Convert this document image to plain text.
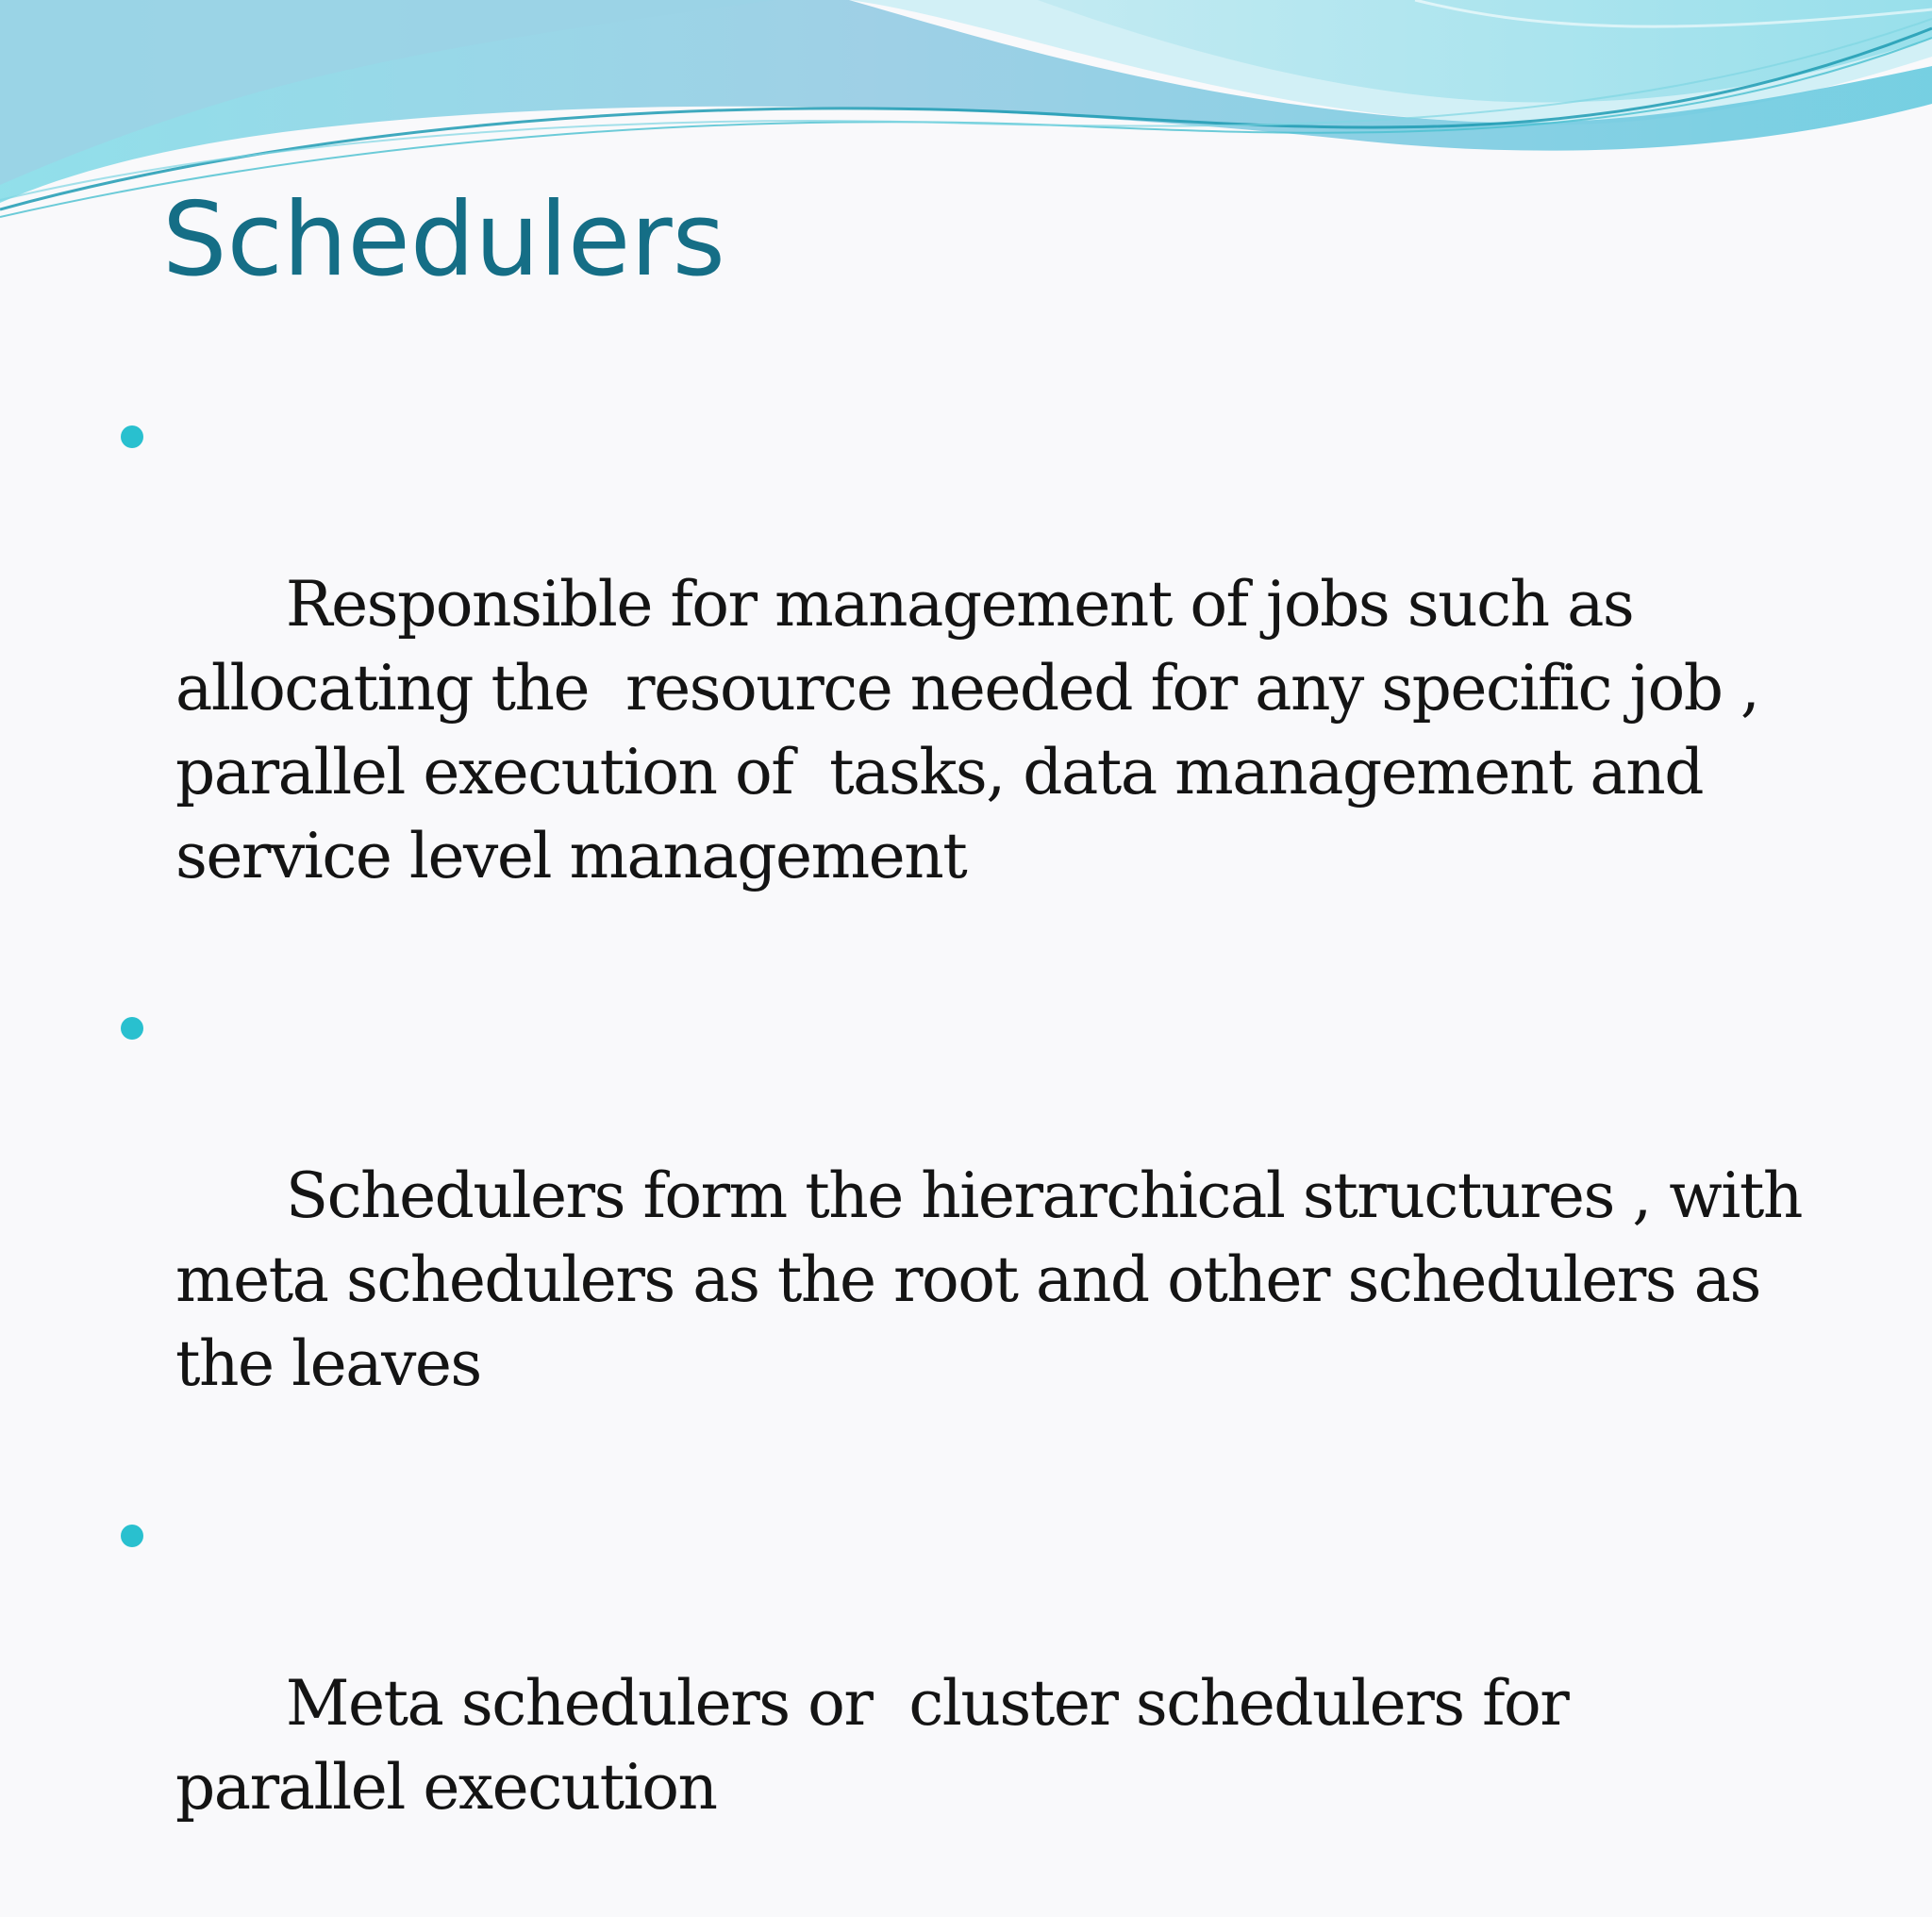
Schedulers

Responsible for management of jobs such as allocating the  resource needed for any specific job , parallel execution of  tasks, data management and service level management

Schedulers form the hierarchical structures , with meta schedulers as the root and other schedulers as the leaves

Meta schedulers or  cluster schedulers for     parallel execution
